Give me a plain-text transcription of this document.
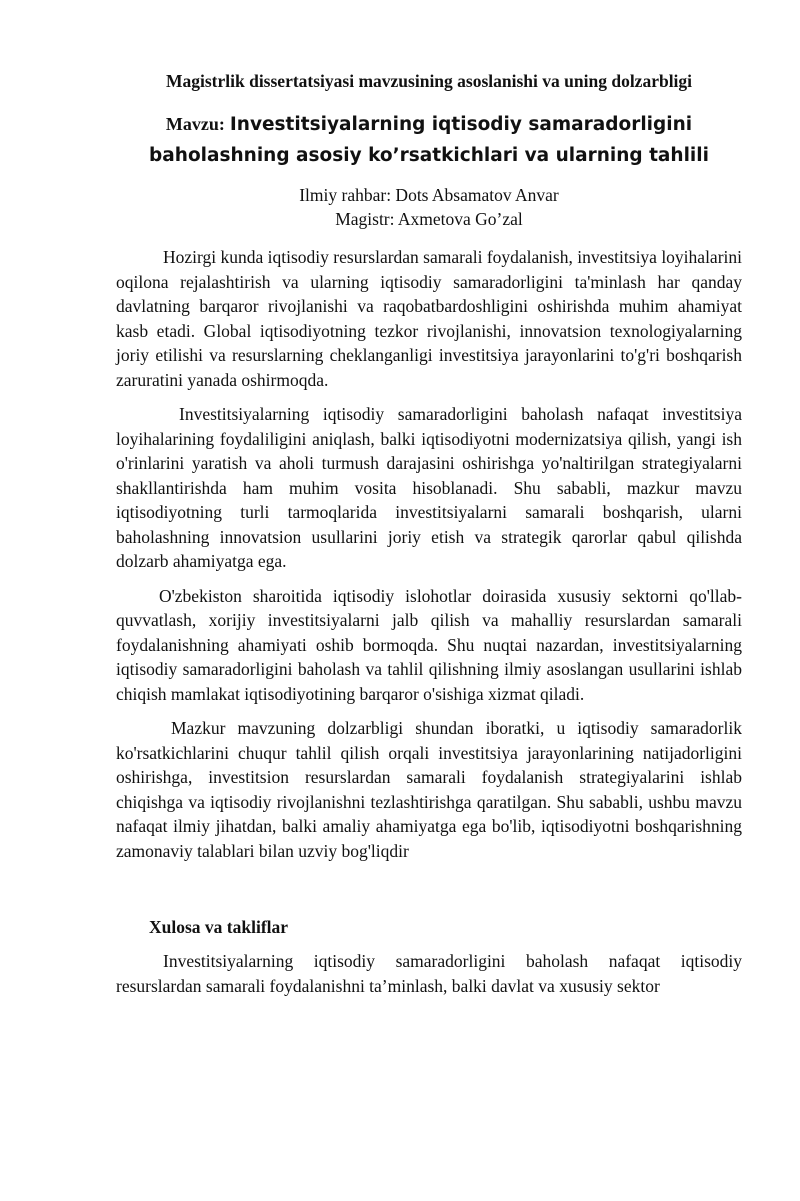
Magistrlik dissertatsiyasi mavzusining asoslanishi va uning dolzarbligi
Mavzu: Investitsiyalarning iqtisodiy samaradorligini baholashning asosiy ko’rsatkichlari va ularning tahlili
Ilmiy rahbar: Dots Absamatov Anvar
Magistr: Axmetova Go’zal

Hozirgi kunda iqtisodiy resurslardan samarali foydalanish, investitsiya loyihalarini oqilona rejalashtirish va ularning iqtisodiy samaradorligini ta'minlash har qanday davlatning barqaror rivojlanishi va raqobatbardoshligini oshirishda muhim ahamiyat kasb etadi. Global iqtisodiyotning tezkor rivojlanishi, innovatsion texnologiyalarning joriy etilishi va resurslarning cheklanganligi investitsiya jarayonlarini to'g'ri boshqarish zaruratini yanada oshirmoqda.

Investitsiyalarning iqtisodiy samaradorligini baholash nafaqat investitsiya loyihalarining foydaliligini aniqlash, balki iqtisodiyotni modernizatsiya qilish, yangi ish o'rinlarini yaratish va aholi turmush darajasini oshirishga yo'naltirilgan strategiyalarni shakllantirishda ham muhim vosita hisoblanadi. Shu sababli, mazkur mavzu iqtisodiyotning turli tarmoqlarida investitsiyalarni samarali boshqarish, ularni baholashning innovatsion usullarini joriy etish va strategik qarorlar qabul qilishda dolzarb ahamiyatga ega.

O'zbekiston sharoitida iqtisodiy islohotlar doirasida xususiy sektorni qo'llab-quvvatlash, xorijiy investitsiyalarni jalb qilish va mahalliy resurslardan samarali foydalanishning ahamiyati oshib bormoqda. Shu nuqtai nazardan, investitsiyalarning iqtisodiy samaradorligini baholash va tahlil qilishning ilmiy asoslangan usullarini ishlab chiqish mamlakat iqtisodiyotining barqaror o'sishiga xizmat qiladi.

Mazkur mavzuning dolzarbligi shundan iboratki, u iqtisodiy samaradorlik ko'rsatkichlarini chuqur tahlil qilish orqali investitsiya jarayonlarining natijadorligini oshirishga, investitsion resurslardan samarali foydalanish strategiyalarini ishlab chiqishga va iqtisodiy rivojlanishni tezlashtirishga qaratilgan. Shu sababli, ushbu mavzu nafaqat ilmiy jihatdan, balki amaliy ahamiyatga ega bo'lib, iqtisodiyotni boshqarishning zamonaviy talablari bilan uzviy bog'liqdir

Xulosa va takliflar

Investitsiyalarning iqtisodiy samaradorligini baholash nafaqat iqtisodiy resurslardan samarali foydalanishni ta’minlash, balki davlat va xususiy sektor
